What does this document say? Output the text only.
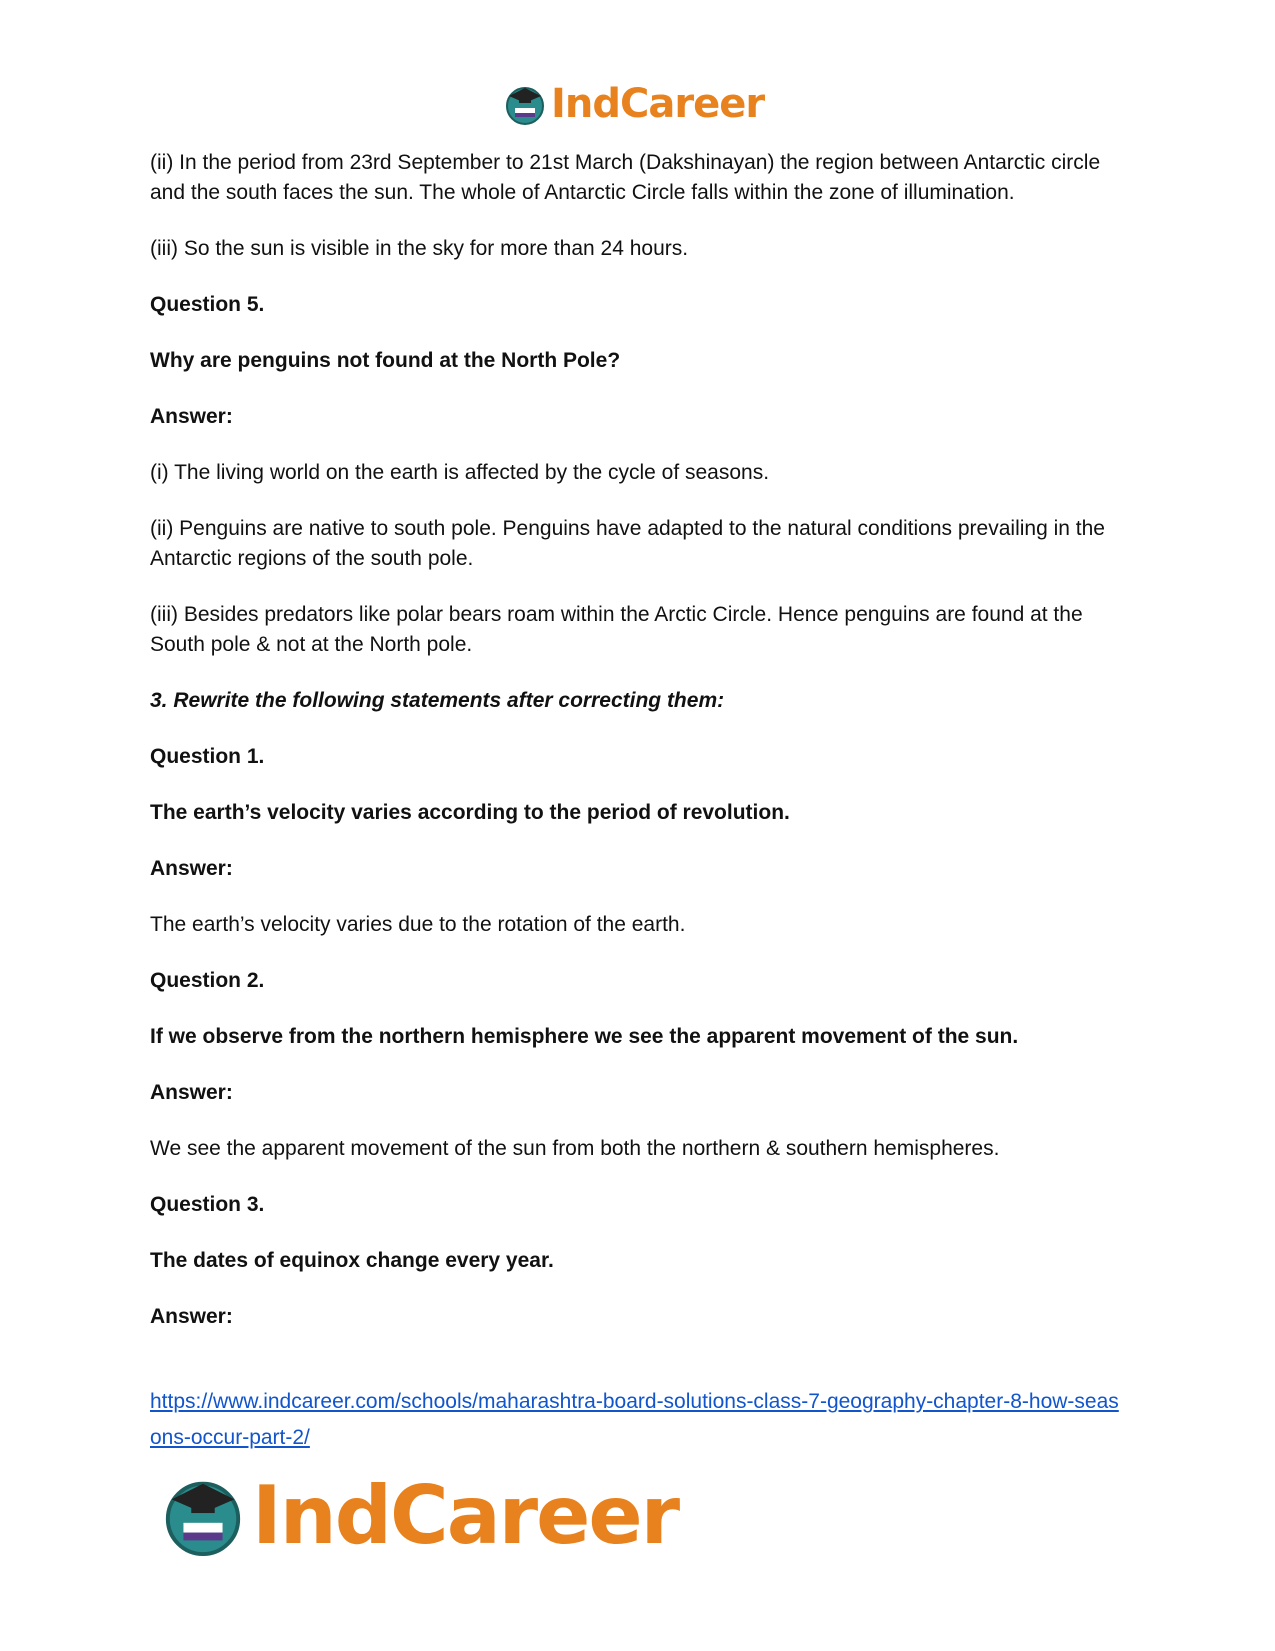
IndCareer

(ii) In the period from 23rd September to 21st March (Dakshinayan) the region between Antarctic circle and the south faces the sun. The whole of Antarctic Circle falls within the zone of illumination.

(iii) So the sun is visible in the sky for more than 24 hours.

Question 5.

Why are penguins not found at the North Pole?

Answer:

(i) The living world on the earth is affected by the cycle of seasons.

(ii) Penguins are native to south pole. Penguins have adapted to the natural conditions prevailing in the Antarctic regions of the south pole.

(iii) Besides predators like polar bears roam within the Arctic Circle. Hence penguins are found at the South pole & not at the North pole.

3. Rewrite the following statements after correcting them:

Question 1.

The earth’s velocity varies according to the period of revolution.

Answer:

The earth’s velocity varies due to the rotation of the earth.

Question 2.

If we observe from the northern hemisphere we see the apparent movement of the sun.

Answer:

We see the apparent movement of the sun from both the northern & southern hemispheres.

Question 3.

The dates of equinox change every year.

Answer:

https://www.indcareer.com/schools/maharashtra-board-solutions-class-7-geography-chapter-8-how-seasons-occur-part-2/
IndCareer
